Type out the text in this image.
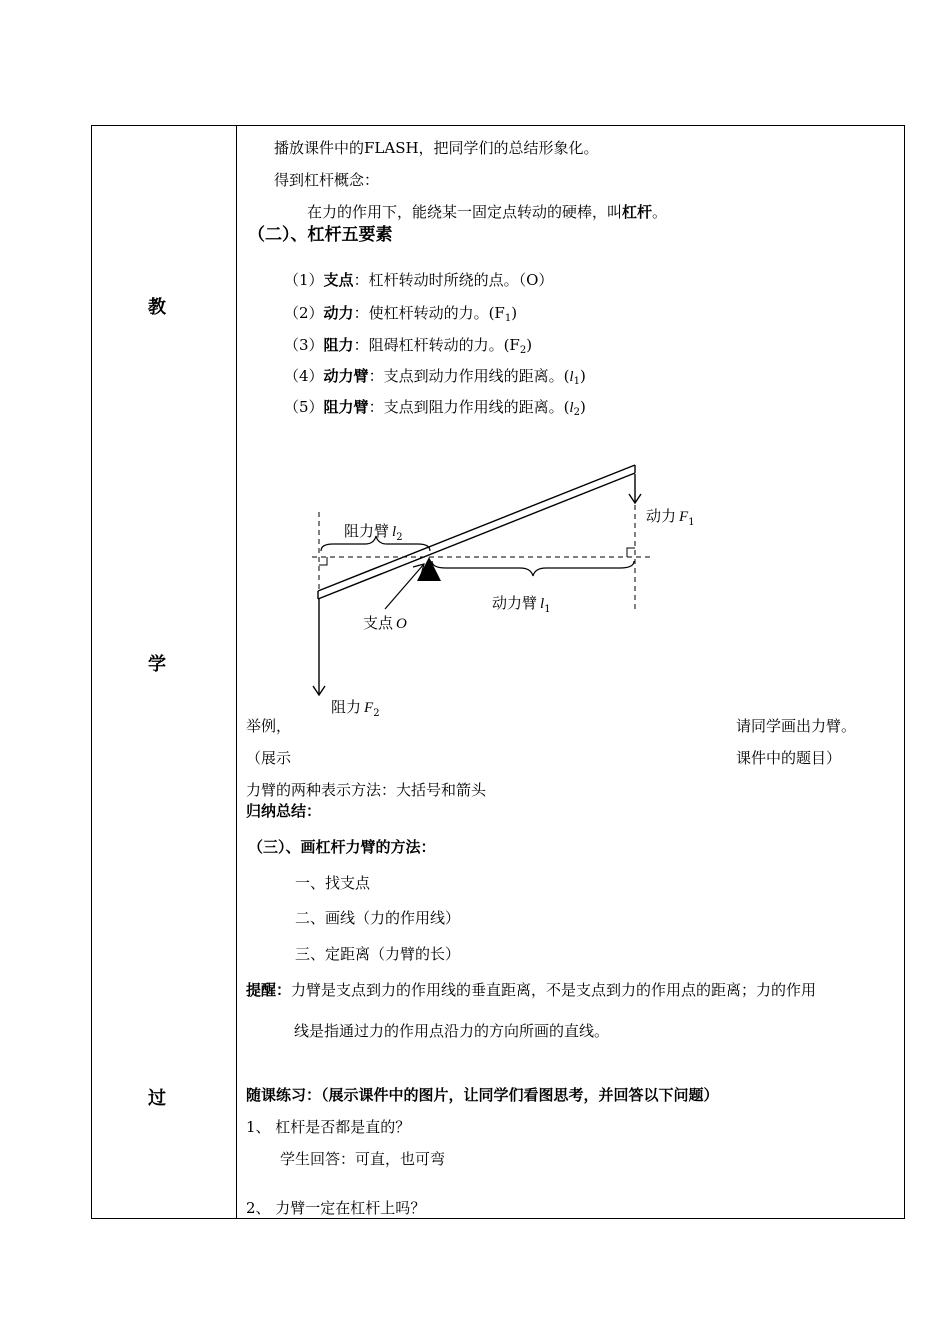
教
学
过
播放课件中的FLASH，把同学们的总结形象化。
得到杠杆概念：
在力的作用下，能绕某一固定点转动的硬棒，叫杠杆。
（二）、杠杆五要素
（1）支点：杠杆转动时所绕的点。（O）
（2）动力：使杠杆转动的力。$(F_1)$
（3）阻力：阻碍杠杆转动的力。$(F_2)$
（4）动力臂：支点到动力作用线的距离。$(l_1)$
（5）阻力臂：支点到阻力作用线的距离。$(l_2)$
动力 $F_1$
阻力臂 $l_2$
动力臂 $l_1$
支点 O
阻力 $F_2$
举例，	请同学画出力臂。
（展示	课件中的题目）
力臂的两种表示方法：大括号和箭头
归纳总结：
（三）、画杠杆力臂的方法：
一、找支点
二、画线（力的作用线）
三、定距离（力臂的长）
提醒：力臂是支点到力的作用线的垂直距离，不是支点到力的作用点的距离；力的作用
线是指通过力的作用点沿力的方向所画的直线。
随课练习：（展示课件中的图片，让同学们看图思考，并回答以下问题）
1、 杠杆是否都是直的？
学生回答：可直，也可弯
2、 力臂一定在杠杆上吗？
